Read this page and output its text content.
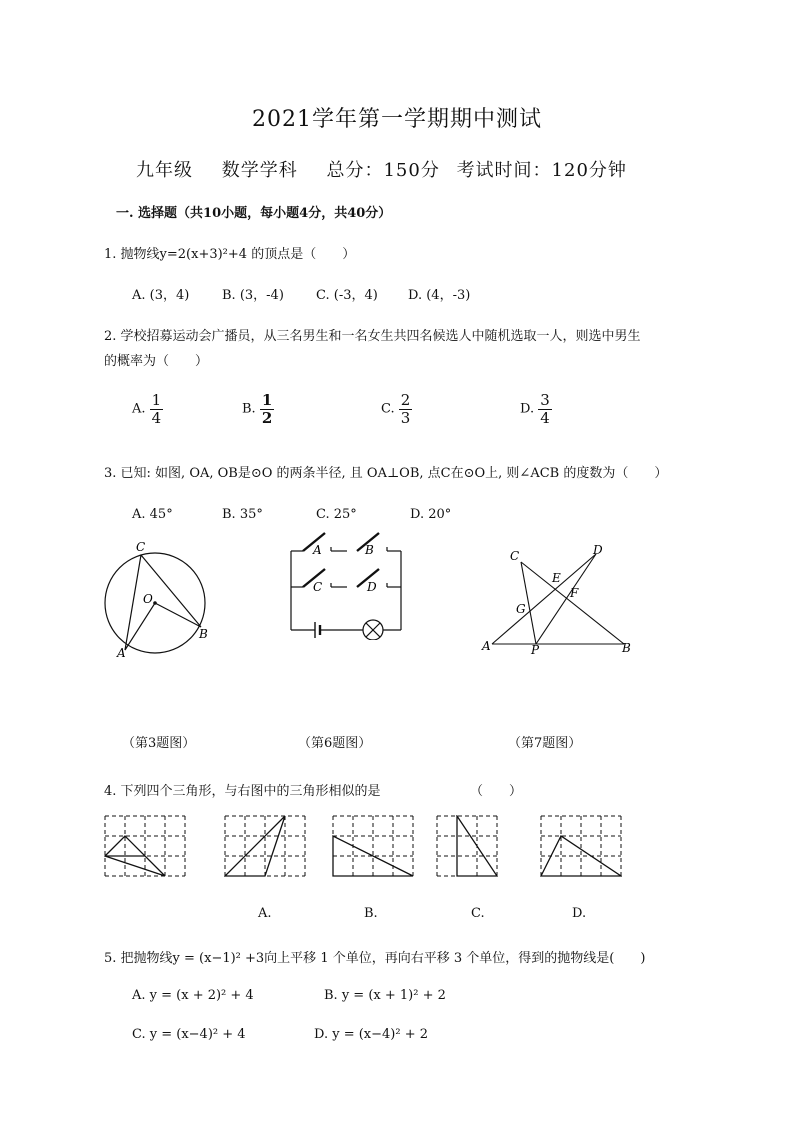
2021学年第一学期期中测试
九年级 数学学科 总分：150分 考试时间：120分钟
一. 选择题（共10小题，每小题4分，共40分）
1. 抛物线y=2(x+3)²+4 的顶点是（　　）
A. (3，4)	B. (3，-4) C. (-3，4) D. (4，-3)
2. 学校招募运动会广播员，从三名男生和一名女生共四名候选人中随机选取一人，则选中男生
的概率为（　　）
A. $\frac{1}{4}$	B. $\frac{1}{2}$	C. $\frac{2}{3}$	D. $\frac{3}{4}$
3. 已知: 如图, OA, OB是⊙O 的两条半径, 且 OA⊥OB, 点C在⊙O上, 则∠ACB 的度数为（　　）
A. 45°	B. 35°	C. 25°	D. 20°
C
O
B
A
A	B
C	D
C	D
E
F
G
A	P	B
（第3题图）	（第6题图）	（第7题图）
4. 下列四个三角形，与右图中的三角形相似的是	（　　）
A.	B.	C.	D.
5. 把抛物线y = (x−1)² +3向上平移 1 个单位，再向右平移 3 个单位，得到的抛物线是(　　)
A. y = (x + 2)² + 4	B. y = (x + 1)² + 2
C. y = (x−4)² + 4	D. y = (x−4)² + 2
